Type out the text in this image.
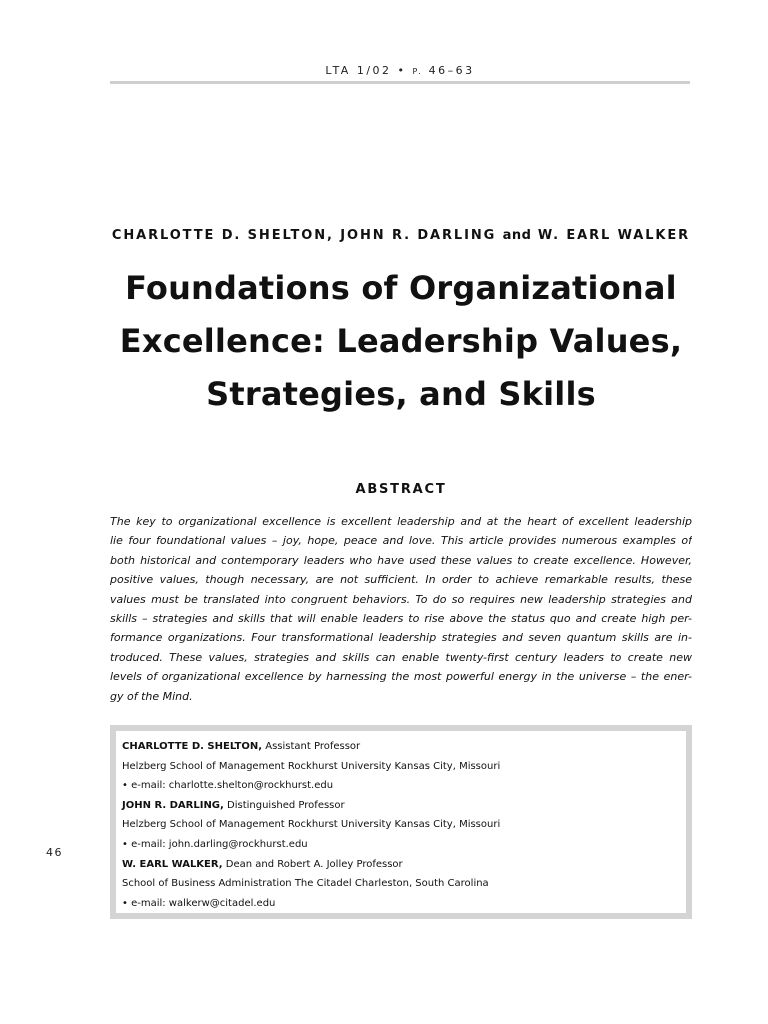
LTA 1/02 • P. 46–63
CHARLOTTE D. SHELTON, JOHN R. DARLING and W. EARL WALKER
Foundations of Organizational
Excellence: Leadership Values,
Strategies, and Skills
ABSTRACT
The key to organizational excellence is excellent leadership and at the heart of excellent leadership
lie four foundational values – joy, hope, peace and love. This article provides numerous examples of
both historical and contemporary leaders who have used these values to create excellence. However,
positive values, though necessary, are not sufficient. In order to achieve remarkable results, these
values must be translated into congruent behaviors. To do so requires new leadership strategies and
skills – strategies and skills that will enable leaders to rise above the status quo and create high per-
formance organizations. Four transformational leadership strategies and seven quantum skills are in-
troduced. These values, strategies and skills can enable twenty-first century leaders to create new
levels of organizational excellence by harnessing the most powerful energy in the universe – the ener-
gy of the Mind.
CHARLOTTE D. SHELTON, Assistant Professor
Helzberg School of Management Rockhurst University Kansas City, Missouri
• e-mail: charlotte.shelton@rockhurst.edu
JOHN R. DARLING, Distinguished Professor
Helzberg School of Management Rockhurst University Kansas City, Missouri
• e-mail: john.darling@rockhurst.edu
W. EARL WALKER, Dean and Robert A. Jolley Professor
School of Business Administration The Citadel Charleston, South Carolina
• e-mail: walkerw@citadel.edu
46
